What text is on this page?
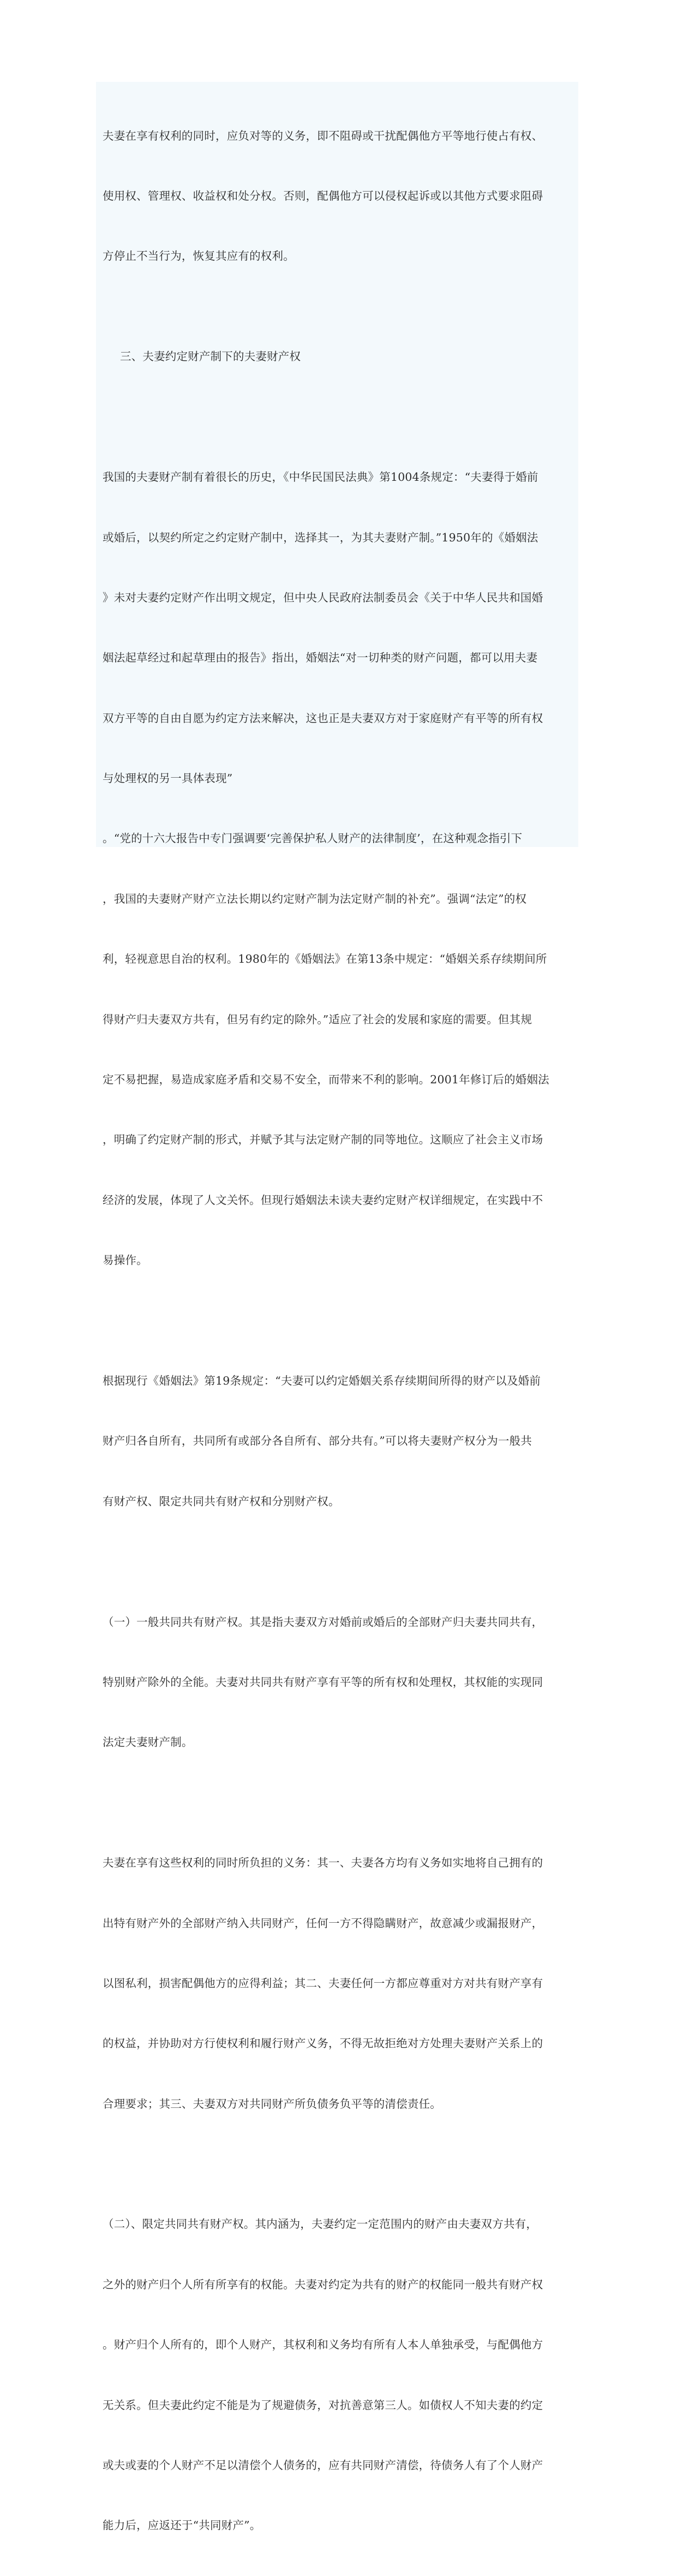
夫妻在享有权利的同时，应负对等的义务，即不阻碍或干扰配偶他方平等地行使占有权、

使用权、管理权、收益权和处分权。否则，配偶他方可以侵权起诉或以其他方式要求阻碍

方停止不当行为，恢复其应有的权利。

三、夫妻约定财产制下的夫妻财产权

我国的夫妻财产制有着很长的历史，《中华民国民法典》第1004条规定：“夫妻得于婚前

或婚后，以契约所定之约定财产制中，选择其一，为其夫妻财产制。”1950年的《婚姻法

》未对夫妻约定财产作出明文规定，但中央人民政府法制委员会《关于中华人民共和国婚

姻法起草经过和起草理由的报告》指出，婚姻法“对一切种类的财产问题，都可以用夫妻

双方平等的自由自愿为约定方法来解决，这也正是夫妻双方对于家庭财产有平等的所有权

与处理权的另一具体表现”

。“党的十六大报告中专门强调要‘完善保护私人财产的法律制度’，在这种观念指引下

，我国的夫妻财产财产立法长期以约定财产制为法定财产制的补充”。强调“法定”的权

利，轻视意思自治的权利。1980年的《婚姻法》在第13条中规定：“婚姻关系存续期间所

得财产归夫妻双方共有，但另有约定的除外。”适应了社会的发展和家庭的需要。但其规

定不易把握，易造成家庭矛盾和交易不安全，而带来不利的影响。2001年修订后的婚姻法

，明确了约定财产制的形式，并赋予其与法定财产制的同等地位。这顺应了社会主义市场

经济的发展，体现了人文关怀。但现行婚姻法未读夫妻约定财产权详细规定，在实践中不

易操作。

根据现行《婚姻法》第19条规定：“夫妻可以约定婚姻关系存续期间所得的财产以及婚前

财产归各自所有，共同所有或部分各自所有、部分共有。”可以将夫妻财产权分为一般共

有财产权、限定共同共有财产权和分别财产权。

（一）一般共同共有财产权。其是指夫妻双方对婚前或婚后的全部财产归夫妻共同共有，

特别财产除外的全能。夫妻对共同共有财产享有平等的所有权和处理权，其权能的实现同

法定夫妻财产制。

夫妻在享有这些权利的同时所负担的义务：其一、夫妻各方均有义务如实地将自己拥有的

出特有财产外的全部财产纳入共同财产，任何一方不得隐瞒财产，故意减少或漏报财产，

以图私利，损害配偶他方的应得利益；其二、夫妻任何一方都应尊重对方对共有财产享有

的权益，并协助对方行使权利和履行财产义务，不得无故拒绝对方处理夫妻财产关系上的

合理要求；其三、夫妻双方对共同财产所负债务负平等的清偿责任。

（二）、限定共同共有财产权。其内涵为，夫妻约定一定范围内的财产由夫妻双方共有，

之外的财产归个人所有所享有的权能。夫妻对约定为共有的财产的权能同一般共有财产权

。财产归个人所有的，即个人财产，其权利和义务均有所有人本人单独承受，与配偶他方

无关系。但夫妻此约定不能是为了规避债务，对抗善意第三人。如债权人不知夫妻的约定

或夫或妻的个人财产不足以清偿个人债务的，应有共同财产清偿，待债务人有了个人财产

能力后，应返还于“共同财产”。
